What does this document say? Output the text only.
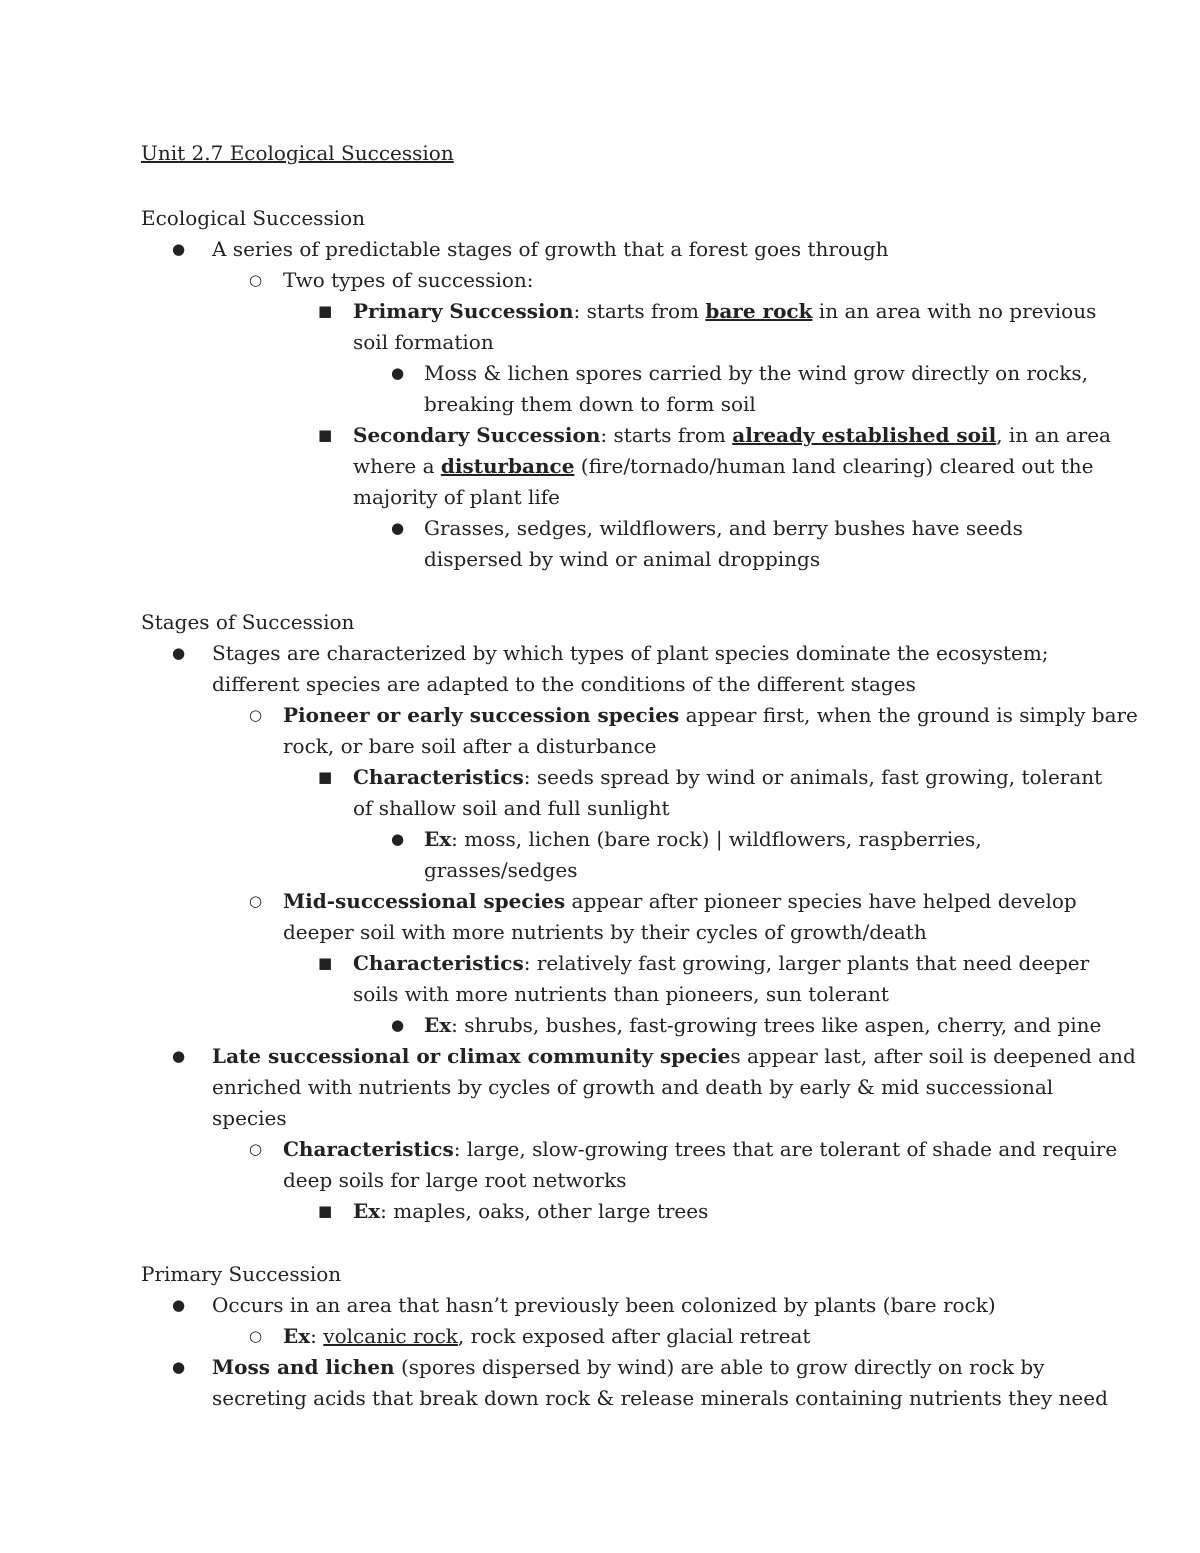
Unit 2.7 Ecological Succession
Ecological Succession
● A series of predictable stages of growth that a forest goes through
○ Two types of succession:
■ Primary Succession: starts from bare rock in an area with no previous
soil formation
● Moss & lichen spores carried by the wind grow directly on rocks,
breaking them down to form soil
■ Secondary Succession: starts from already established soil, in an area
where a disturbance (fire/tornado/human land clearing) cleared out the
majority of plant life
● Grasses, sedges, wildflowers, and berry bushes have seeds
dispersed by wind or animal droppings
Stages of Succession
● Stages are characterized by which types of plant species dominate the ecosystem;
different species are adapted to the conditions of the different stages
○ Pioneer or early succession species appear first, when the ground is simply bare
rock, or bare soil after a disturbance
■ Characteristics: seeds spread by wind or animals, fast growing, tolerant
of shallow soil and full sunlight
● Ex: moss, lichen (bare rock) | wildflowers, raspberries,
grasses/sedges
○ Mid-successional species appear after pioneer species have helped develop
deeper soil with more nutrients by their cycles of growth/death
■ Characteristics: relatively fast growing, larger plants that need deeper
soils with more nutrients than pioneers, sun tolerant
● Ex: shrubs, bushes, fast-growing trees like aspen, cherry, and pine
● Late successional or climax community species appear last, after soil is deepened and
enriched with nutrients by cycles of growth and death by early & mid successional
species
○ Characteristics: large, slow-growing trees that are tolerant of shade and require
deep soils for large root networks
■ Ex: maples, oaks, other large trees
Primary Succession
● Occurs in an area that hasn’t previously been colonized by plants (bare rock)
○ Ex: volcanic rock, rock exposed after glacial retreat
● Moss and lichen (spores dispersed by wind) are able to grow directly on rock by
secreting acids that break down rock & release minerals containing nutrients they need
